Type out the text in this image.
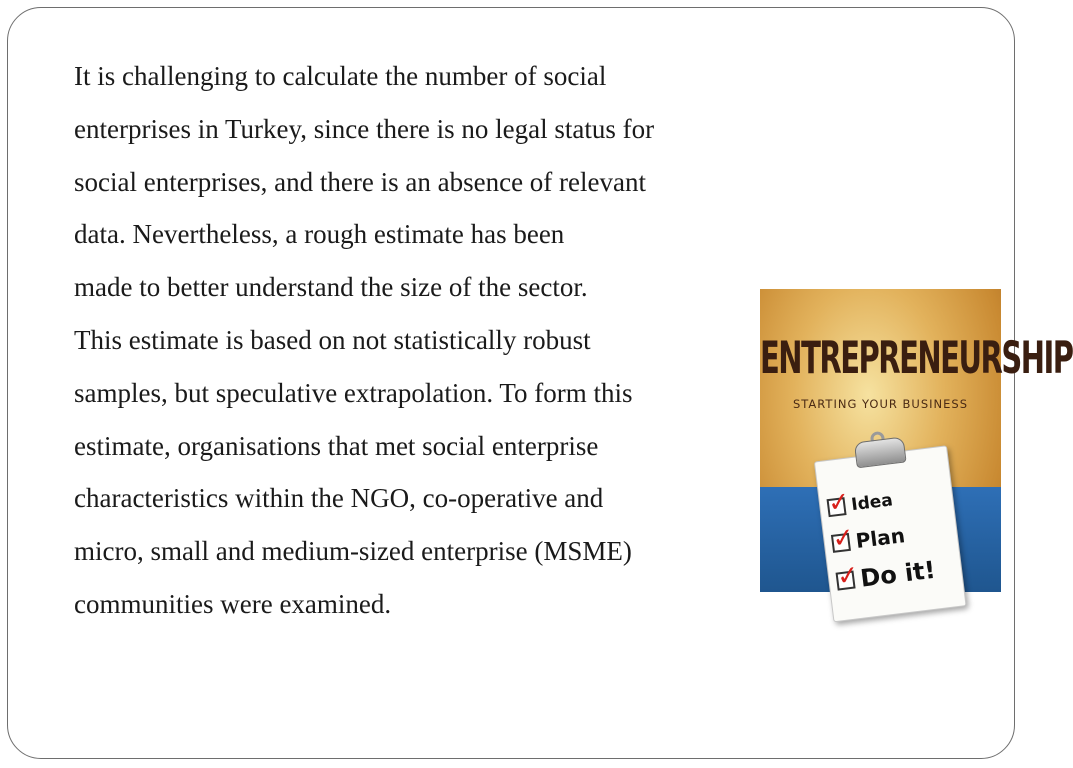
It is challenging to calculate the number of social
enterprises in Turkey, since there is no legal status for
social enterprises, and there is an absence of relevant
data. Nevertheless, a rough estimate has been
made to better understand the size of the sector.
This estimate is based on not statistically robust
samples, but speculative extrapolation. To form this
estimate, organisations that met social enterprise
characteristics within the NGO, co-operative and
micro, small and medium-sized enterprise (MSME)
communities were examined.
ENTREPRENEURSHIP
STARTING YOUR BUSINESS
✓
Idea
✓
Plan
✓
Do it!
